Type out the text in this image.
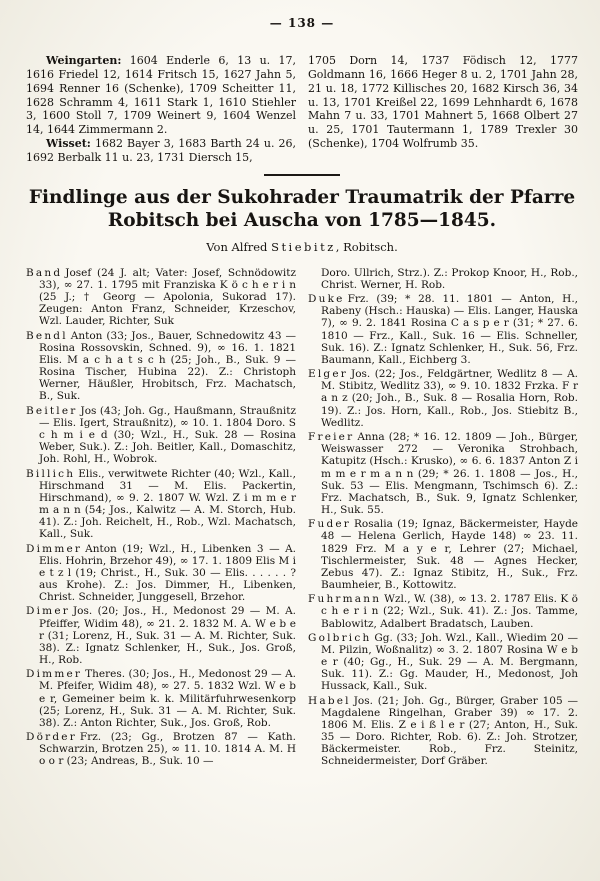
— 138 —

Weingarten: 1604 Enderle 6, 13 u. 17, 1616 Friedel 12, 1614 Fritsch 15, 1627 Jahn 5, 1694 Renner 16 (Schenke), 1709 Scheitter 11, 1628 Schramm 4, 1611 Stark 1, 1610 Stiehler 3, 1600 Stoll 7, 1709 Weinert 9, 1604 Wenzel 14, 1644 Zimmermann 2.

Wisset: 1682 Bayer 3, 1683 Barth 24 u. 26, 1692 Berbalk 11 u. 23, 1731 Diersch 15,

1705 Dorn 14, 1737 Födisch 12, 1777 Goldmann 16, 1666 Heger 8 u. 2, 1701 Jahn 28, 21 u. 18, 1772 Killisches 20, 1682 Kirsch 36, 34 u. 13, 1701 Kreißel 22, 1699 Lehnhardt 6, 1678 Mahn 7 u. 33, 1701 Mahnert 5, 1668 Olbert 27 u. 25, 1701 Tautermann 1, 1789 Trexler 30 (Schenke), 1704 Wolfrumb 35.

Findlinge aus der Sukohrader Traumatrik der Pfarre
Robitsch bei Auscha von 1785—1845.
Von Alfred Stiebitz, Robitsch.
Band Josef (24 J. alt; Vater: Josef, Schnödowitz 33), ∞ 27. 1. 1795 mit Franziska K ö c h e r i n (25 J.; † Georg — Apolonia, Sukorad 17). Zeugen: Anton Franz, Schneider, Krzeschov, Wzl. Lauder, Richter, Suk
Bendl Anton (33; Jos., Bauer, Schnedowitz 43 — Rosina Rossovskin, Schned. 9), ∞ 16. 1. 1821 Elis. M a c h a t s c h (25; Joh., B., Suk. 9 — Rosina Tischer, Hubina 22). Z.: Christoph Werner, Häußler, Hrobitsch, Frz. Machatsch, B., Suk.
Beitler Jos (43; Joh. Gg., Haußmann, Straußnitz — Elis. Igert, Straußnitz), ∞ 10. 1. 1804 Doro. S c h m i e d (30; Wzl., H., Suk. 28 — Rosina Weber, Suk.). Z.: Joh. Beitler, Kall., Domaschitz, Joh. Rohl, H., Wobrok.
Billich Elis., verwitwete Richter (40; Wzl., Kall., Hirschmand 31 — M. Elis. Packertin, Hirschmand), ∞ 9. 2. 1807 W. Wzl. Z i m m e r m a n n (54; Jos., Kalwitz — A. M. Storch, Hub. 41). Z.: Joh. Reichelt, H., Rob., Wzl. Machatsch, Kall., Suk.
Dimmer Anton (19; Wzl., H., Libenken 3 — A. Elis. Hohrin, Brzehor 49), ∞ 17. 1. 1809 Elis M i e t z l (19; Christ., H., Suk. 30 — Elis. . . . . . ? aus Krohe). Z.: Jos. Dimmer, H., Libenken, Christ. Schneider, Junggesell, Brzehor.
Dimer Jos. (20; Jos., H., Medonost 29 — M. A. Pfeiffer, Widim 48), ∞ 21. 2. 1832 M. A. W e b e r (31; Lorenz, H., Suk. 31 — A. M. Richter, Suk. 38). Z.: Ignatz Schlenker, H., Suk., Jos. Groß, H., Rob.
Dimmer Theres. (30; Jos., H., Medonost 29 — A. M. Pfeifer, Widim 48), ∞ 27. 5. 1832 Wzl. W e b e r, Gemeiner beim k. k. Militärfuhrwesenkorp (25; Lorenz, H., Suk. 31 — A. M. Richter, Suk. 38). Z.: Anton Richter, Suk., Jos. Groß, Rob.
Dörder Frz. (23; Gg., Brotzen 87 — Kath. Schwarzin, Brotzen 25), ∞ 11. 10. 1814 A. M. H o o r (23; Andreas, B., Suk. 10 —
Doro. Ullrich, Strz.). Z.: Prokop Knoor, H., Rob., Christ. Werner, H. Rob.
Duke Frz. (39; * 28. 11. 1801 — Anton, H., Rabeny (Hsch.: Hauska) — Elis. Langer, Hauska 7), ∞ 9. 2. 1841 Rosina C a s p e r (31; * 27. 6. 1810 — Frz., Kall., Suk. 16 — Elis. Schneller, Suk. 16). Z.: Ignatz Schlenker, H., Suk. 56, Frz. Baumann, Kall., Eichberg 3.
Elger Jos. (22; Jos., Feldgärtner, Wedlitz 8 — A. M. Stibitz, Wedlitz 33), ∞ 9. 10. 1832 Frzka. F r a n z (20; Joh., B., Suk. 8 — Rosalia Horn, Rob. 19). Z.: Jos. Horn, Kall., Rob., Jos. Stiebitz B., Wedlitz.
Freier Anna (28; * 16. 12. 1809 — Joh., Bürger, Weiswasser 272 — Veronika Strohbach, Katupitz (Hsch.: Krusko), ∞ 6. 6. 1837 Anton Z i m m e r m a n n (29; * 26. 1. 1808 — Jos., H., Suk. 53 — Elis. Mengmann, Tschimsch 6). Z.: Frz. Machatsch, B., Suk. 9, Ignatz Schlenker, H., Suk. 55.
Fuder Rosalia (19; Ignaz, Bäckermeister, Hayde 48 — Helena Gerlich, Hayde 148) ∞ 23. 11. 1829 Frz. M a y e r, Lehrer (27; Michael, Tischlermeister, Suk. 48 — Agnes Hecker, Zebus 47). Z.: Ignaz Stibitz, H., Suk., Frz. Baumheier, B., Kottowitz.
Fuhrmann Wzl., W. (38), ∞ 13. 2. 1787 Elis. K ö c h e r i n (22; Wzl., Suk. 41). Z.: Jos. Tamme, Bablowitz, Adalbert Bradatsch, Lauben.
Golbrich Gg. (33; Joh. Wzl., Kall., Wiedim 20 — M. Pilzin, Woßnalitz) ∞ 3. 2. 1807 Rosina W e b e r (40; Gg., H., Suk. 29 — A. M. Bergmann, Suk. 11). Z.: Gg. Mauder, H., Medonost, Joh Hussack, Kall., Suk.
Habel Jos. (21; Joh. Gg., Bürger, Graber 105 — Magdalene Ringelhan, Graber 39) ∞ 17. 2. 1806 M. Elis. Z e i ß l e r (27; Anton, H., Suk. 35 — Doro. Richter, Rob. 6). Z.: Joh. Strotzer, Bäckermeister. Rob., Frz. Steinitz, Schneidermeister, Dorf Gräber.
